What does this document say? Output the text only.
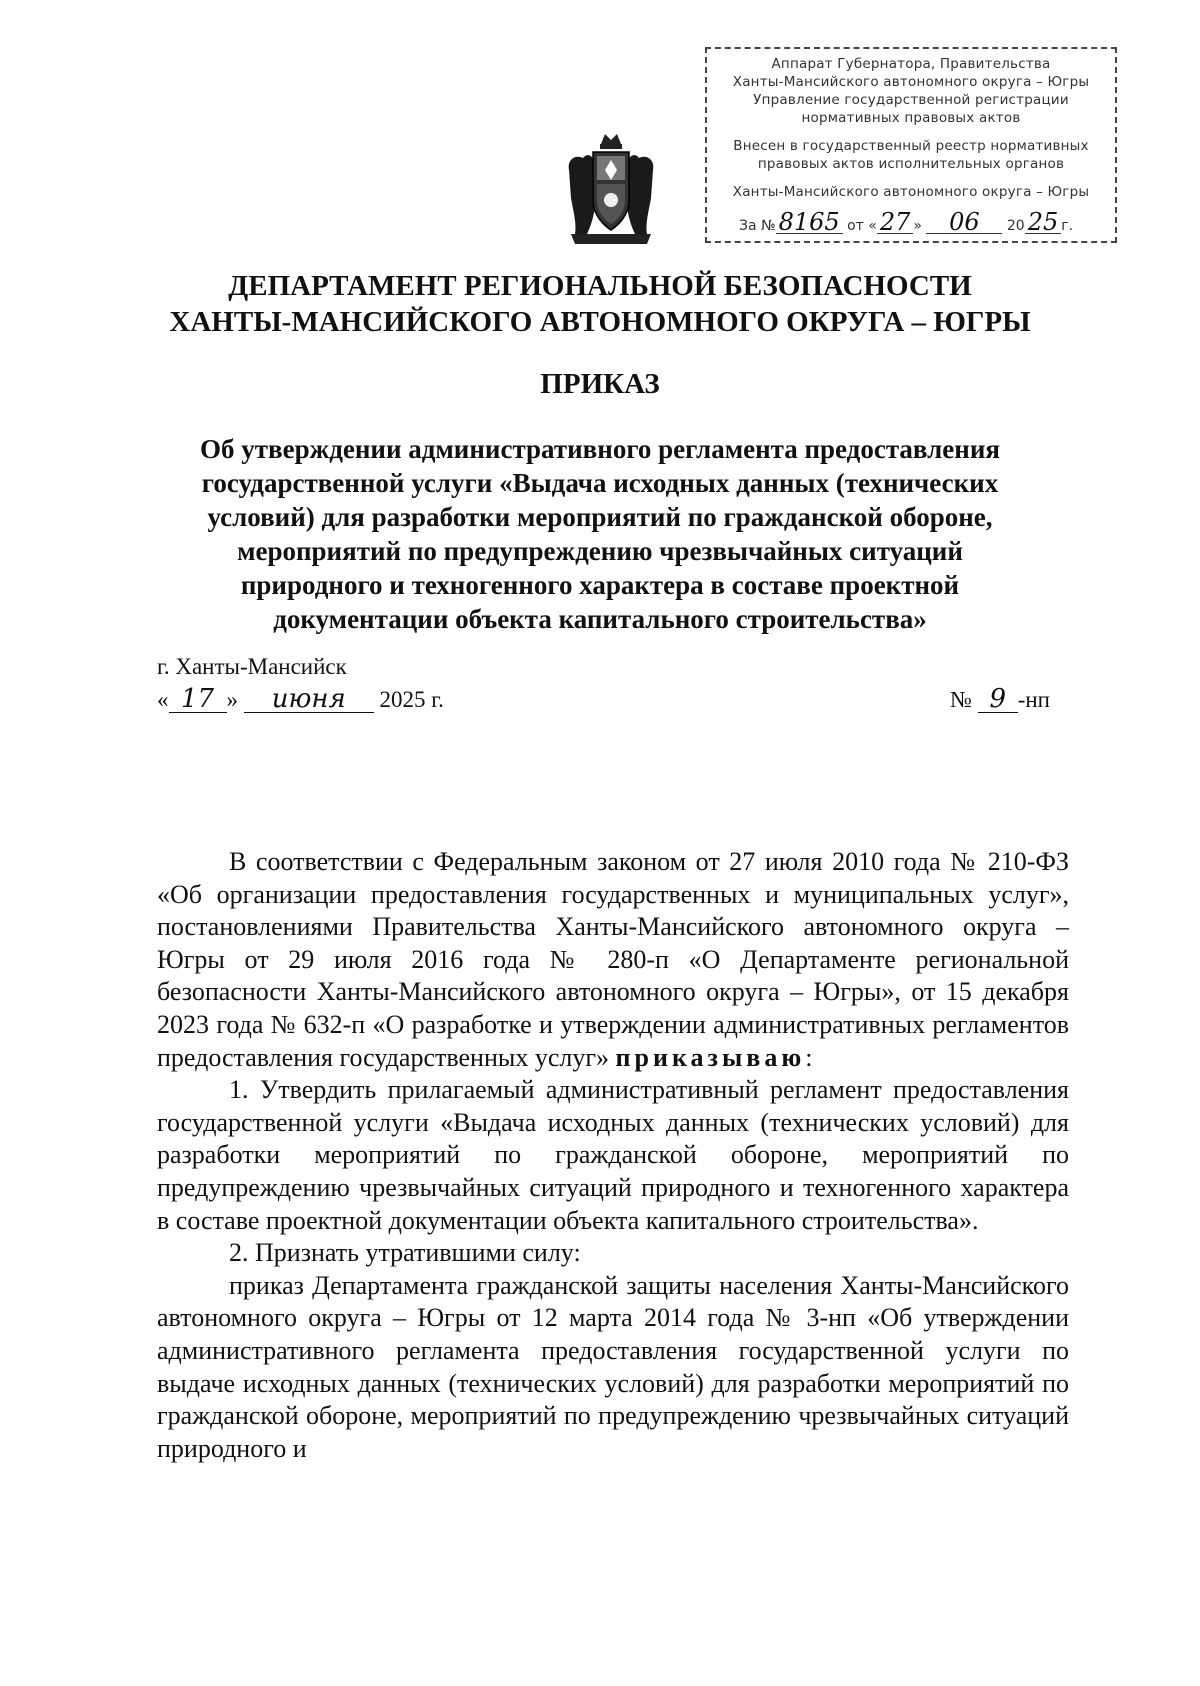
Аппарат Губернатора, Правительства
Ханты-Мансийского автономного округа – Югры
Управление государственной регистрации
нормативных правовых актов
Внесен в государственный реестр нормативных
правовых актов исполнительных органов
Ханты-Мансийского автономного округа – Югры
За № 8165 от « 27 » 06 20 25 г.
ДЕПАРТАМЕНТ РЕГИОНАЛЬНОЙ БЕЗОПАСНОСТИ
ХАНТЫ-МАНСИЙСКОГО АВТОНОМНОГО ОКРУГА – ЮГРЫ
ПРИКАЗ
Об утверждении административного регламента предоставления
государственной услуги «Выдача исходных данных (технических
условий) для разработки мероприятий по гражданской обороне,
мероприятий по предупреждению чрезвычайных ситуаций
природного и техногенного характера в составе проектной
документации объекта капитального строительства»
г. Ханты-Мансийск
« 17 » июня 2025 г.	№ 9 -нп

В соответствии с Федеральным законом от 27 июля 2010 года № 210-ФЗ «Об организации предоставления государственных и муниципальных услуг», постановлениями Правительства Ханты-Мансийского автономного округа – Югры от 29 июля 2016 года № 280-п «О Департаменте региональной безопасности Ханты-Мансийского автономного округа – Югры», от 15 декабря 2023 года № 632-п «О разработке и утверждении административных регламентов предоставления государственных услуг» приказываю:

1. Утвердить прилагаемый административный регламент предоставления государственной услуги «Выдача исходных данных (технических условий) для разработки мероприятий по гражданской обороне, мероприятий по предупреждению чрезвычайных ситуаций природного и техногенного характера в составе проектной документации объекта капитального строительства».

2. Признать утратившими силу:

приказ Департамента гражданской защиты населения Ханты-Мансийского автономного округа – Югры от 12 марта 2014 года № 3-нп «Об утверждении административного регламента предоставления государственной услуги по выдаче исходных данных (технических условий) для разработки мероприятий по гражданской обороне, мероприятий по предупреждению чрезвычайных ситуаций природного и
